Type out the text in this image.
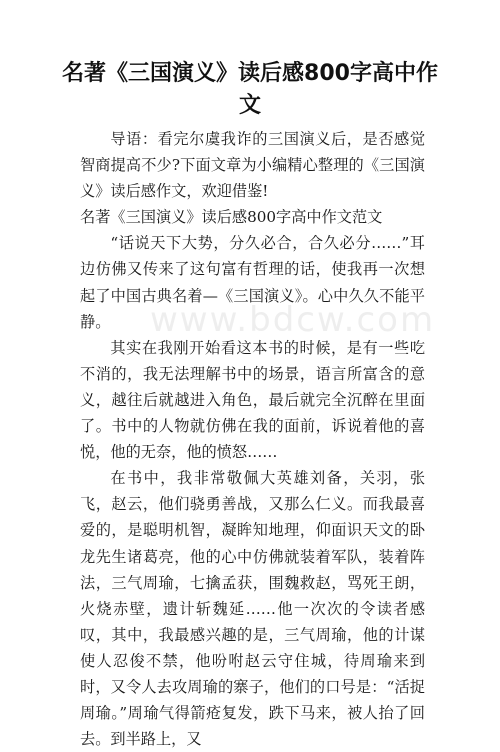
名著《三国演义》读后感800字高中作文
www.bdcw.com

导语：看完尔虞我诈的三国演义后，是否感觉智商提高不少?下面文章为小编精心整理的《三国演义》读后感作文，欢迎借鉴!

名著《三国演义》读后感800字高中作文范文

“话说天下大势，分久必合，合久必分……”耳边仿佛又传来了这句富有哲理的话，使我再一次想起了中国古典名着—《三国演义》。心中久久不能平静。

其实在我刚开始看这本书的时候，是有一些吃不消的，我无法理解书中的场景，语言所富含的意义，越往后就越进入角色，最后就完全沉醉在里面了。书中的人物就仿佛在我的面前，诉说着他的喜悦，他的无奈，他的愤怒……

在书中，我非常敬佩大英雄刘备，关羽，张飞，赵云，他们骁勇善战，又那么仁义。而我最喜爱的，是聪明机智，凝眸知地理，仰面识天文的卧龙先生诸葛亮，他的心中仿佛就装着军队，装着阵法，三气周瑜，七擒孟获，围魏救赵，骂死王朗，火烧赤壁，遗计斩魏延……他一次次的令读者感叹，其中，我最感兴趣的是，三气周瑜，他的计谋使人忍俊不禁，他吩咐赵云守住城，待周瑜来到时，又令人去攻周瑜的寨子，他们的口号是：“活捉周瑜。”周瑜气得箭疮复发，跌下马来，被人抬了回去。到半路上，又
